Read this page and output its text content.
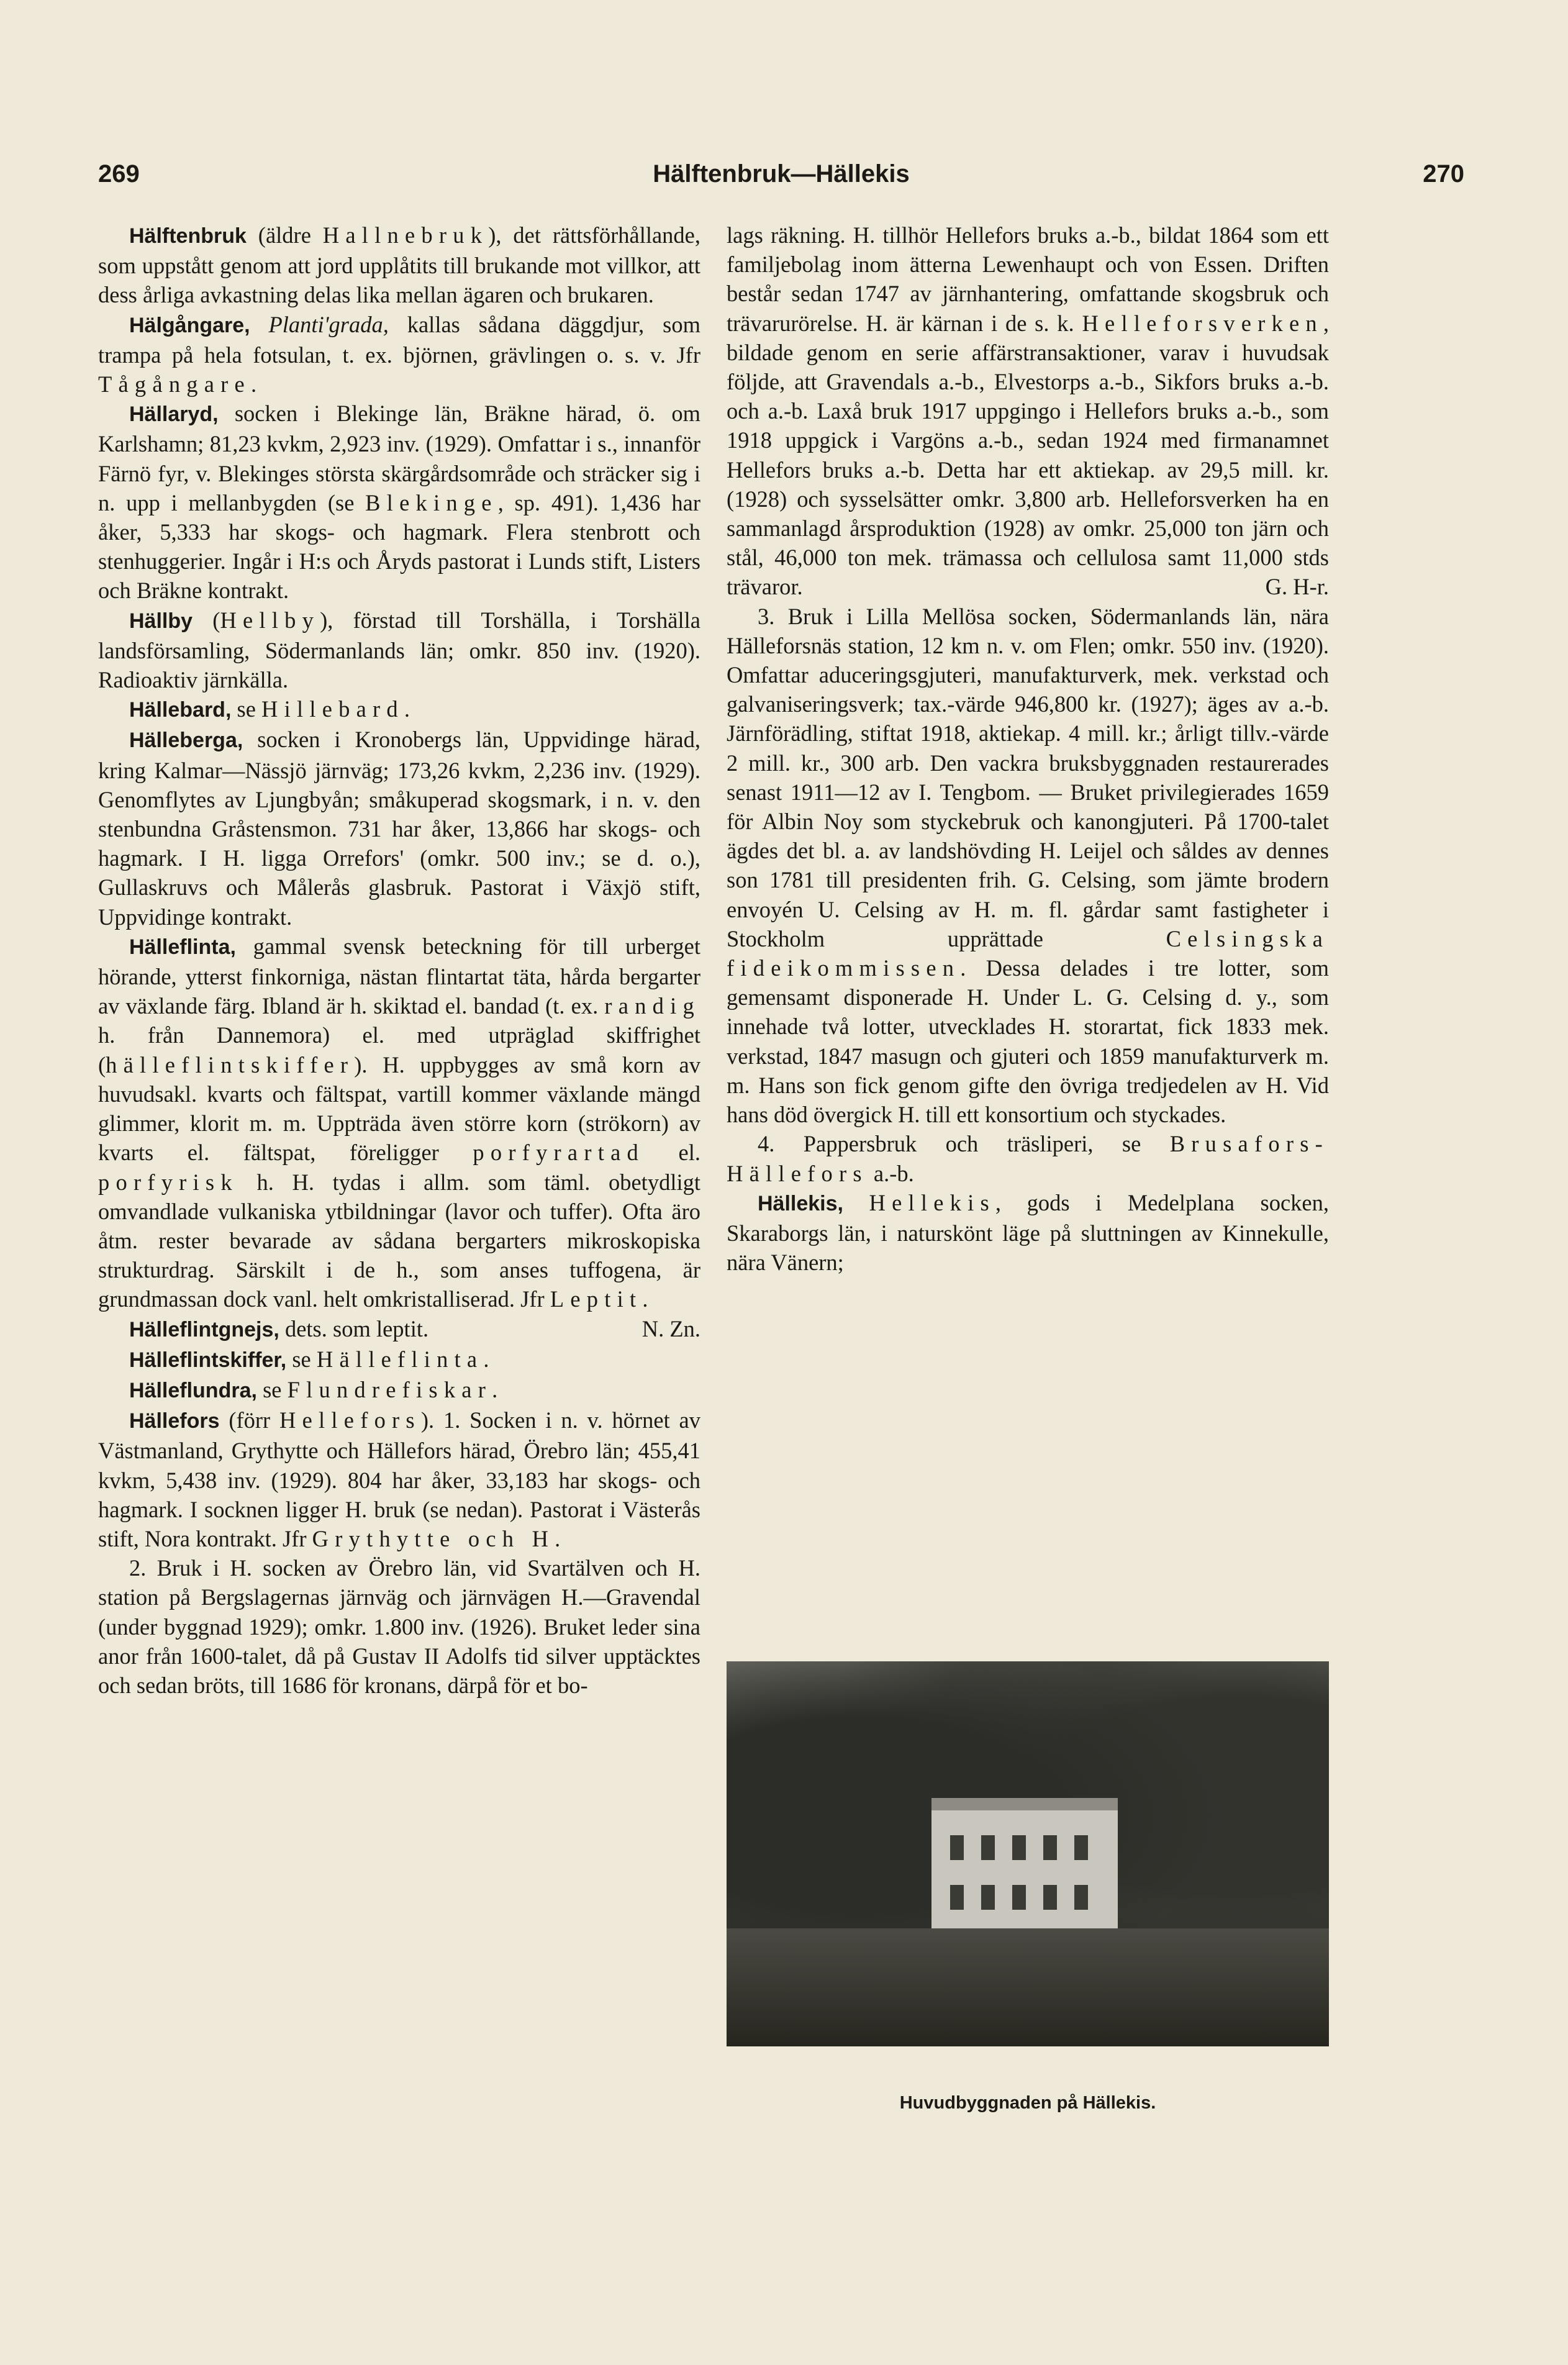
269	Hälftenbruk—Hällekis	270

Hälftenbruk (äldre Hallnebruk), det rättsförhållande, som uppstått genom att jord upplåtits till brukande mot villkor, att dess årliga avkastning delas lika mellan ägaren och brukaren.

Hälgångare, Planti'grada, kallas sådana däggdjur, som trampa på hela fotsulan, t. ex. björnen, grävlingen o. s. v. Jfr Tågångare.

Hällaryd, socken i Blekinge län, Bräkne härad, ö. om Karlshamn; 81,23 kvkm, 2,923 inv. (1929). Omfattar i s., innanför Färnö fyr, v. Blekinges största skärgårdsområde och sträcker sig i n. upp i mellanbygden (se Blekinge, sp. 491). 1,436 har åker, 5,333 har skogs- och hagmark. Flera stenbrott och stenhuggerier. Ingår i H:s och Åryds pastorat i Lunds stift, Listers och Bräkne kontrakt.

Hällby (Hellby), förstad till Torshälla, i Torshälla landsförsamling, Södermanlands län; omkr. 850 inv. (1920). Radioaktiv järnkälla.

Hällebard, se Hillebard.

Hälleberga, socken i Kronobergs län, Uppvidinge härad, kring Kalmar—Nässjö järnväg; 173,26 kvkm, 2,236 inv. (1929). Genomflytes av Ljungbyån; småkuperad skogsmark, i n. v. den stenbundna Gråstensmon. 731 har åker, 13,866 har skogs- och hagmark. I H. ligga Orrefors' (omkr. 500 inv.; se d. o.), Gullaskruvs och Målerås glasbruk. Pastorat i Växjö stift, Uppvidinge kontrakt.

Hälleflinta, gammal svensk beteckning för till urberget hörande, ytterst finkorniga, nästan flintartat täta, hårda bergarter av växlande färg. Ibland är h. skiktad el. bandad (t. ex. randig h. från Dannemora) el. med utpräglad skiffrighet (hälleflintskiffer). H. uppbygges av små korn av huvudsakl. kvarts och fältspat, vartill kommer växlande mängd glimmer, klorit m. m. Uppträda även större korn (strökorn) av kvarts el. fältspat, föreligger porfyrartad el. porfyrisk h. H. tydas i allm. som täml. obetydligt omvandlade vulkaniska ytbildningar (lavor och tuffer). Ofta äro åtm. rester bevarade av sådana bergarters mikroskopiska strukturdrag. Särskilt i de h., som anses tuffogena, är grundmassan dock vanl. helt omkristalliserad. Jfr Leptit.
N. Zn.

Hälleflintgnejs, dets. som leptit.

Hälleflintskiffer, se Hälleflinta.

Hälleflundra, se Flundrefiskar.

Hällefors (förr Hellefors). 1. Socken i n. v. hörnet av Västmanland, Grythytte och Hällefors härad, Örebro län; 455,41 kvkm, 5,438 inv. (1929). 804 har åker, 33,183 har skogs- och hagmark. I socknen ligger H. bruk (se nedan). Pastorat i Västerås stift, Nora kontrakt. Jfr Grythytte och H.

2. Bruk i H. socken av Örebro län, vid Svartälven och H. station på Bergslagernas järnväg och järnvägen H.—Gravendal (under byggnad 1929); omkr. 1.800 inv. (1926). Bruket leder sina anor från 1600-talet, då på Gustav II Adolfs tid silver upptäcktes och sedan bröts, till 1686 för kronans, därpå för et bo-

lags räkning. H. tillhör Hellefors bruks a.-b., bildat 1864 som ett familjebolag inom ätterna Lewenhaupt och von Essen. Driften består sedan 1747 av järnhantering, omfattande skogsbruk och trävarurörelse. H. är kärnan i de s. k. Helleforsverken, bildade genom en serie affärstransaktioner, varav i huvudsak följde, att Gravendals a.-b., Elvestorps a.-b., Sikfors bruks a.-b. och a.-b. Laxå bruk 1917 uppgingo i Hellefors bruks a.-b., som 1918 uppgick i Vargöns a.-b., sedan 1924 med firmanamnet Hellefors bruks a.-b. Detta har ett aktiekap. av 29,5 mill. kr. (1928) och sysselsätter omkr. 3,800 arb. Helleforsverken ha en sammanlagd årsproduktion (1928) av omkr. 25,000 ton järn och stål, 46,000 ton mek. trämassa och cellulosa samt 11,000 stds trävaror.	G. H-r.

3. Bruk i Lilla Mellösa socken, Södermanlands län, nära Hälleforsnäs station, 12 km n. v. om Flen; omkr. 550 inv. (1920). Omfattar aduceringsgjuteri, manufakturverk, mek. verkstad och galvaniseringsverk; tax.-värde 946,800 kr. (1927); äges av a.-b. Järnförädling, stiftat 1918, aktiekap. 4 mill. kr.; årligt tillv.-värde 2 mill. kr., 300 arb. Den vackra bruksbyggnaden restaurerades senast 1911—12 av I. Tengbom. — Bruket privilegierades 1659 för Albin Noy som styckebruk och kanongjuteri. På 1700-talet ägdes det bl. a. av landshövding H. Leijel och såldes av dennes son 1781 till presidenten frih. G. Celsing, som jämte brodern envoyén U. Celsing av H. m. fl. gårdar samt fastigheter i Stockholm upprättade Celsingska fideikommissen. Dessa delades i tre lotter, som gemensamt disponerade H. Under L. G. Celsing d. y., som innehade två lotter, utvecklades H. storartat, fick 1833 mek. verkstad, 1847 masugn och gjuteri och 1859 manufakturverk m. m. Hans son fick genom gifte den övriga tredjedelen av H. Vid hans död övergick H. till ett konsortium och styckades.

4. Pappersbruk och träsliperi, se Brusafors-Hällefors a.-b.

Hällekis, Hellekis, gods i Medelplana socken, Skaraborgs län, i naturskönt läge på sluttningen av Kinnekulle, nära Vänern;

Huvudbyggnaden på Hällekis.
